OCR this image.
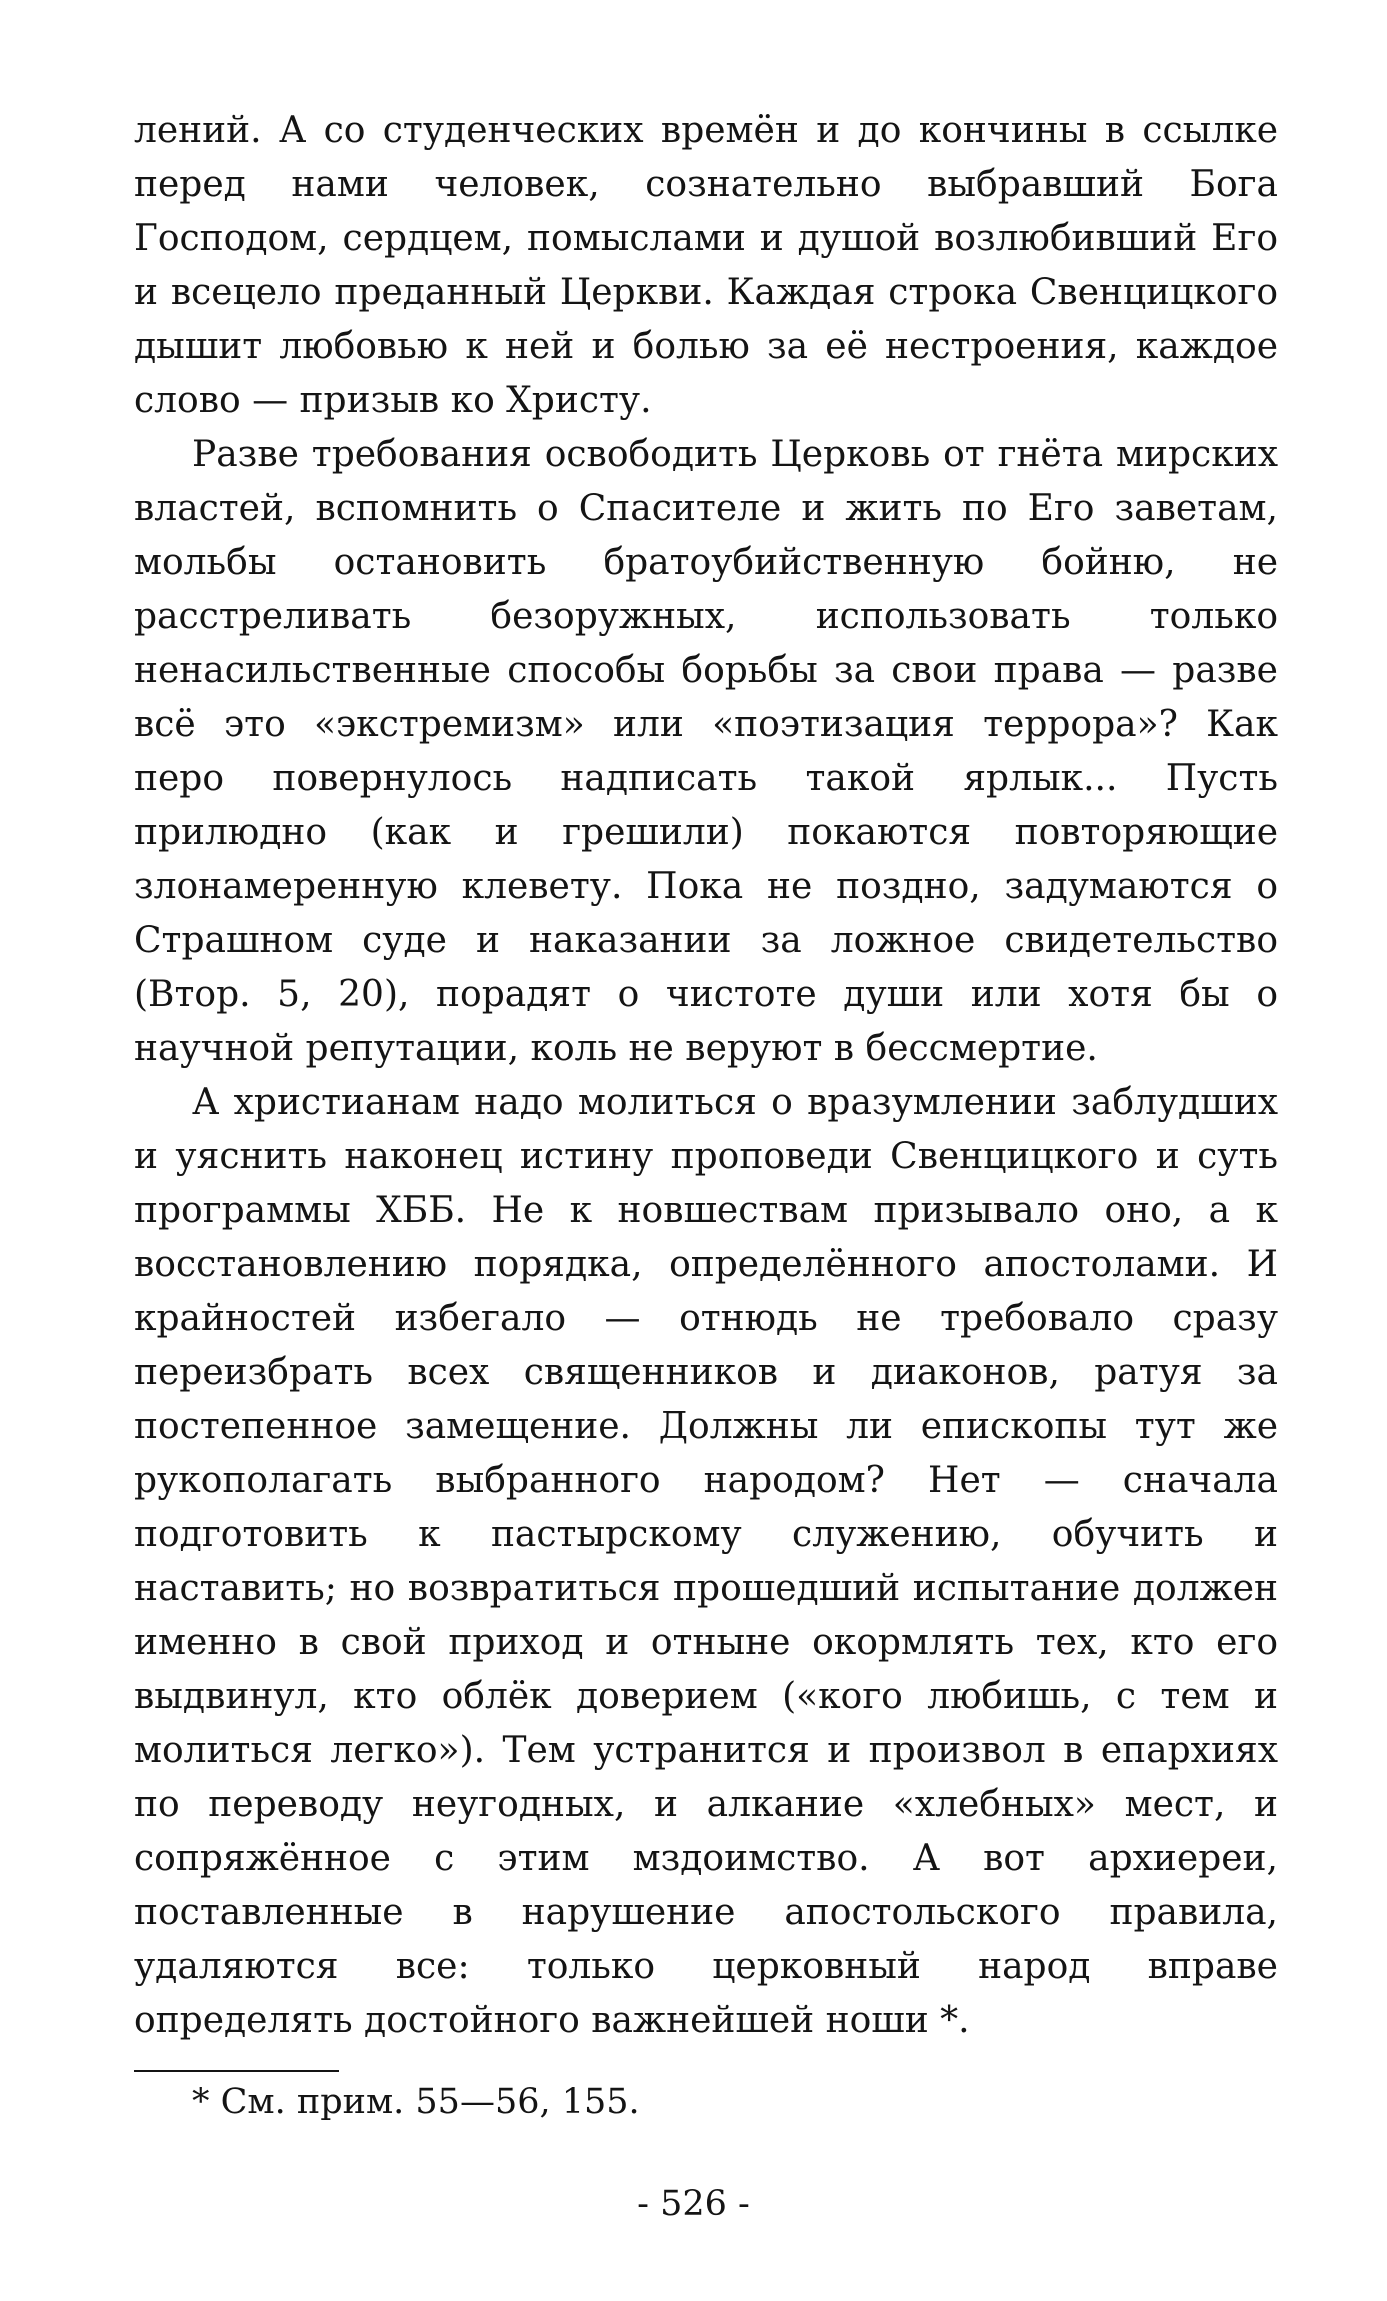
лений. А со студенческих времён и до кончины в ссылке перед нами человек, сознательно выбравший Бога Господом, сердцем, помыслами и душой возлюбивший Его и всецело преданный Церкви. Каждая строка Свенцицкого дышит любовью к ней и болью за её нестроения, каждое слово — призыв ко Христу.

Разве требования освободить Церковь от гнёта мирских властей, вспомнить о Спасителе и жить по Его заветам, мольбы остановить братоубийственную бойню, не расстреливать безоружных, использовать только ненасильственные способы борьбы за свои права — разве всё это «экстремизм» или «поэтизация террора»? Как перо повернулось надписать такой ярлык... Пусть прилюдно (как и грешили) покаются повторяющие злонамеренную клевету. Пока не поздно, задумаются о Страшном суде и наказании за ложное свидетельство (Втор. 5, 20), порадят о чистоте души или хотя бы о научной репутации, коль не веруют в бессмертие.

А христианам надо молиться о вразумлении заблудших и уяснить наконец истину проповеди Свенцицкого и суть программы ХББ. Не к новшествам призывало оно, а к восстановлению порядка, определённого апостолами. И крайностей избегало — отнюдь не требовало сразу переизбрать всех священников и диаконов, ратуя за постепенное замещение. Должны ли епископы тут же рукополагать выбранного народом? Нет — сначала подготовить к пастырскому служению, обучить и наставить; но возвратиться прошедший испытание должен именно в свой приход и отныне окормлять тех, кто его выдвинул, кто облёк доверием («кого любишь, с тем и молиться легко»). Тем устранится и произвол в епархиях по переводу неугодных, и алкание «хлебных» мест, и сопряжённое с этим мздоимство. А вот архиереи, поставленные в нарушение апостольского правила, удаляются все: только церковный народ вправе определять достойного важнейшей ноши *.

* См. прим. 55—56, 155.
- 526 -
